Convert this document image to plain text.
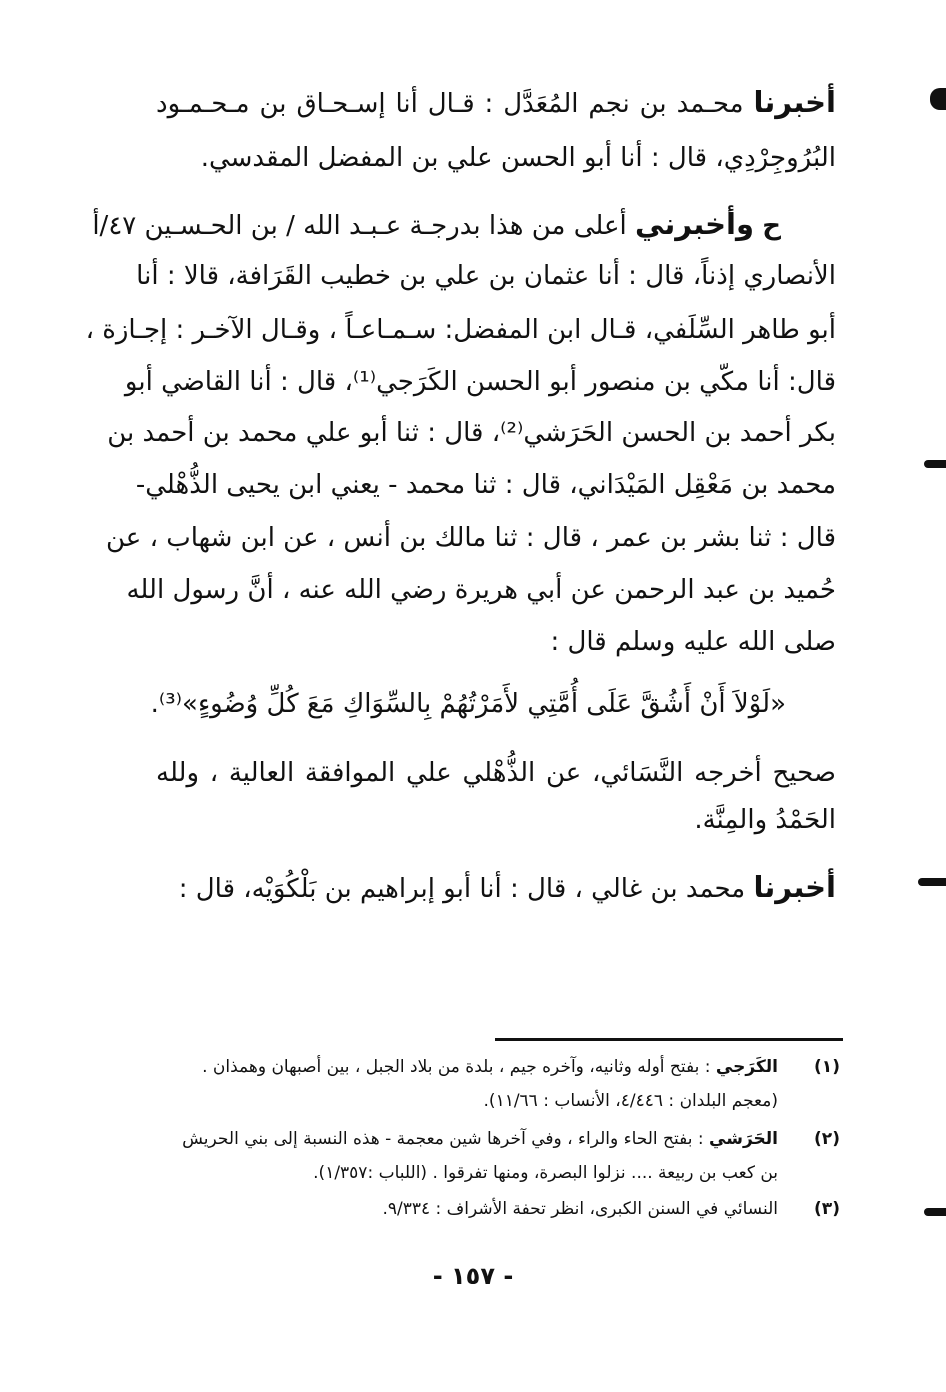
أخبرنا محـمد بن نجم المُعَدَّل : قـال أنا إسـحـاق بن مـحـمـود
البُرُوجِرْدِي، قال : أنا أبو الحسن علي بن المفضل المقدسي.
ح وأخبرني أعلى من هذا بدرجـة عـبـد الله / بن الحـسـين ٤٧/أ
الأنصاري إذناً، قال : أنا عثمان بن علي بن خطيب القَرَافة، قالا : أنا
أبو طاهر السِّلَفي، قـال ابن المفضل: سـمـاعـاً ، وقـال الآخـر : إجـازة ،
قال: أنا مكّي بن منصور أبو الحسن الكَرَجي⁽¹⁾، قال : أنا القاضي أبو
بكر أحمد بن الحسن الحَرَشي⁽²⁾، قال : ثنا أبو علي محمد بن أحمد بن
محمد بن مَعْقِل المَيْدَاني، قال : ثنا محمد - يعني ابن يحيى الذُّهْلي-
قال : ثنا بشر بن عمر ، قال : ثنا مالك بن أنس ، عن ابن شهاب ، عن
حُميد بن عبد الرحمن عن أبي هريرة رضي الله عنه ، أنَّ رسول الله
صلى الله عليه وسلم قال :
«لَوْلاَ أَنْ أَشُقَّ عَلَى أُمَّتِي لأَمَرْتُهُمْ بِالسِّوَاكِ مَعَ كُلِّ وُضُوءٍ»⁽³⁾.
صحيح أخرجه النَّسَائي، عن الذُّهْلي علي الموافقة العالية ، ولله
الحَمْدُ والمِنَّة.
أخبرنا محمد بن غالي ، قال : أنا أبو إبراهيم بن بَلْكُوَيْه، قال :
(١)
الكَرَجي : بفتح أوله وثانيه، وآخره جيم ، بلدة من بلاد الجبل ، بين أصبهان وهمذان .
(معجم البلدان : ٤/٤٤٦، الأنساب : ١١/٦٦).
(٢)
الحَرَشي : بفتح الحاء والراء ، وفي آخرها شين معجمة - هذه النسبة إلى بني الحريش
بن كعب بن ربيعة .... نزلوا البصرة، ومنها تفرقوا . (اللباب :١/٣٥٧).
(٣)
النسائي في السنن الكبرى، انظر تحفة الأشراف : ٩/٣٣٤.
- ١٥٧ -
